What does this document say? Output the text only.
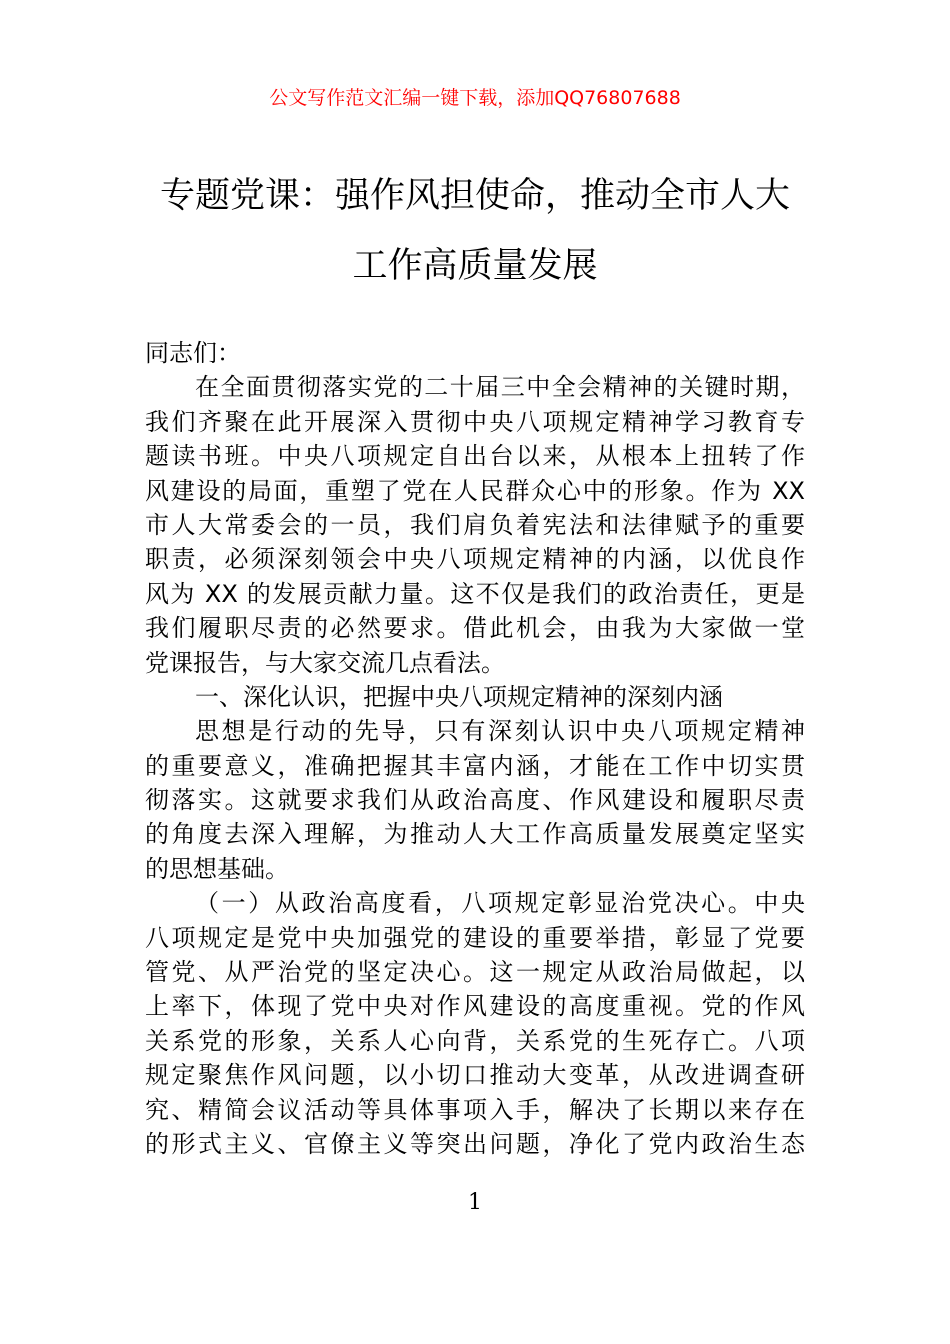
公文写作范文汇编一键下载，添加QQ76807688
专题党课：强作风担使命，推动全市人大
工作高质量发展
同志们：
在全面贯彻落实党的二十届三中全会精神的关键时期，
我们齐聚在此开展深入贯彻中央八项规定精神学习教育专
题读书班。中央八项规定自出台以来，从根本上扭转了作
风建设的局面，重塑了党在人民群众心中的形象。作为 XX
市人大常委会的一员，我们肩负着宪法和法律赋予的重要
职责，必须深刻领会中央八项规定精神的内涵，以优良作
风为 XX 的发展贡献力量。这不仅是我们的政治责任，更是
我们履职尽责的必然要求。借此机会，由我为大家做一堂
党课报告，与大家交流几点看法。
一、深化认识，把握中央八项规定精神的深刻内涵
思想是行动的先导，只有深刻认识中央八项规定精神
的重要意义，准确把握其丰富内涵，才能在工作中切实贯
彻落实。这就要求我们从政治高度、作风建设和履职尽责
的角度去深入理解，为推动人大工作高质量发展奠定坚实
的思想基础。
（一）从政治高度看，八项规定彰显治党决心。中央
八项规定是党中央加强党的建设的重要举措，彰显了党要
管党、从严治党的坚定决心。这一规定从政治局做起，以
上率下，体现了党中央对作风建设的高度重视。党的作风
关系党的形象，关系人心向背，关系党的生死存亡。八项
规定聚焦作风问题，以小切口推动大变革，从改进调查研
究、精简会议活动等具体事项入手，解决了长期以来存在
的形式主义、官僚主义等突出问题，净化了党内政治生态
1
